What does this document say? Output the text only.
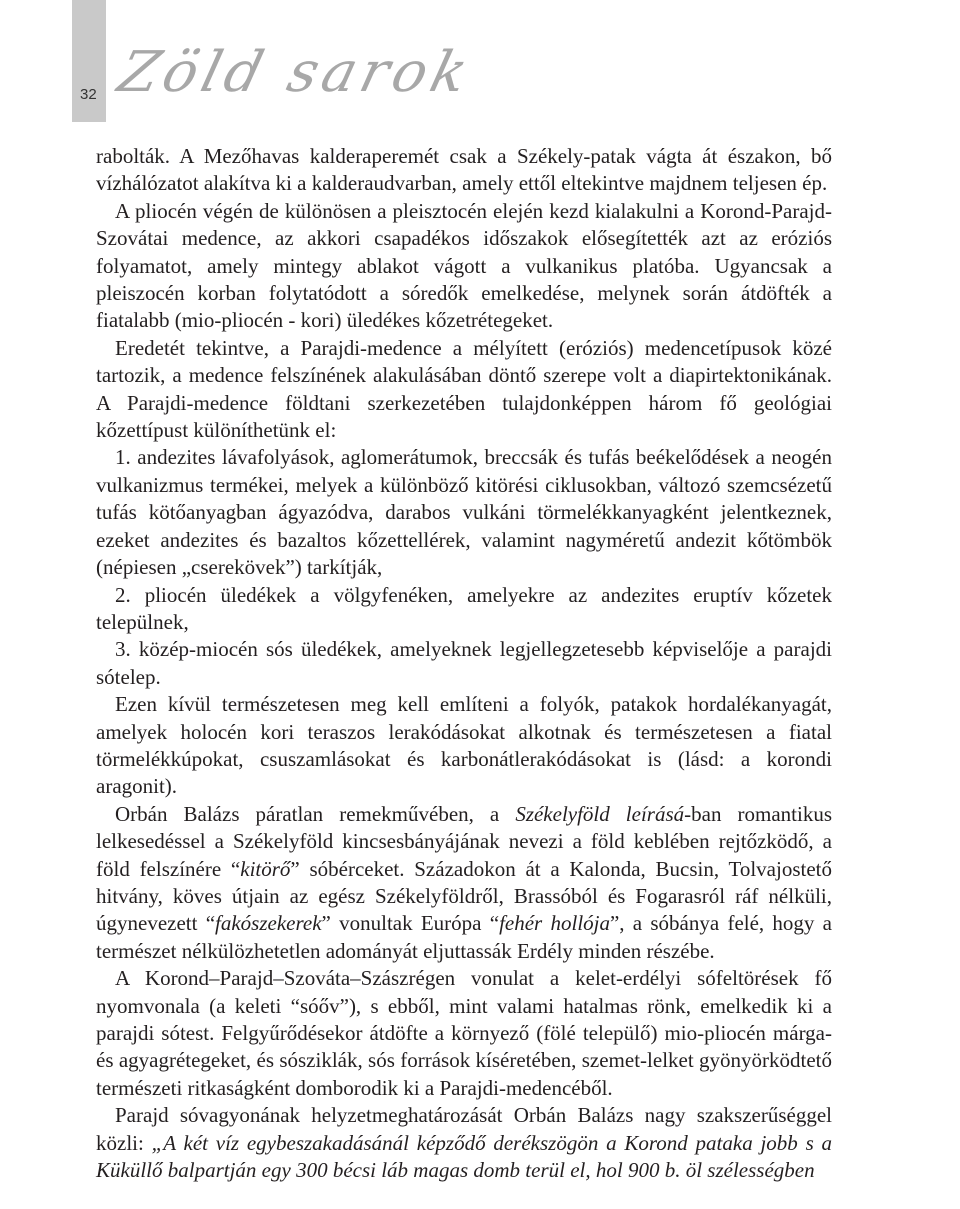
32 Zöld sarok

rabolták. A Mezőhavas kalderaperemét csak a Székely-patak vágta át északon, bő vízhálózatot alakítva ki a kalderaudvarban, amely ettől eltekintve majdnem teljesen ép.

A pliocén végén de különösen a pleisztocén elején kezd kialakulni a Korond-Parajd-Szovátai medence, az akkori csapadékos időszakok elősegítették azt az eróziós folyamatot, amely mintegy ablakot vágott a vulkanikus platóba. Ugyancsak a pleiszocén korban folytatódott a sóredők emelkedése, melynek során átdöfték a fiatalabb (mio-pliocén - kori) üledékes kőzetrétegeket.

Eredetét tekintve, a Parajdi-medence a mélyített (eróziós) medencetípusok közé tartozik, a medence felszínének alakulásában döntő szerepe volt a diapirtektonikának. A Parajdi-medence földtani szerkezetében tulajdonképpen három fő geológiai kőzettípust különíthetünk el:

1. andezites lávafolyások, aglomerátumok, breccsák és tufás beékelődések a neogén vulkanizmus termékei, melyek a különböző kitörési ciklusokban, változó szemcsézetű tufás kötőanyagban ágyazódva, darabos vulkáni törmelékkanyagként jelentkeznek, ezeket andezites és bazaltos kőzettellérek, valamint nagyméretű andezit kőtömbök (népiesen „cserekövek”) tarkítják,

2. pliocén üledékek a völgyfenéken, amelyekre az andezites eruptív kőzetek települnek,

3. közép-miocén sós üledékek, amelyeknek legjellegzetesebb képviselője a parajdi sótelep.

Ezen kívül természetesen meg kell említeni a folyók, patakok hordalékanyagát, amelyek holocén kori teraszos lerakódásokat alkotnak és természetesen a fiatal törmelékkúpokat, csuszamlásokat és karbonátlerakódásokat is (lásd: a korondi aragonit).

Orbán Balázs páratlan remekművében, a Székelyföld leírásá-ban romantikus lelkesedéssel a Székelyföld kincsesbányájának nevezi a föld keblében rejtőzködő, a föld felszínére “kitörő” sóbérceket. Századokon át a Kalonda, Bucsin, Tolvajostető hitvány, köves útjain az egész Székelyföldről, Brassóból és Fogarasról ráf nélküli, úgynevezett “fakószekerek” vonultak Európa “fehér hollója”, a sóbánya felé, hogy a természet nélkülözhetetlen adományát eljuttassák Erdély minden részébe.

A Korond–Parajd–Szováta–Szászrégen vonulat a kelet-erdélyi sófeltörések fő nyomvonala (a keleti “sóőv”), s ebből, mint valami hatalmas rönk, emelkedik ki a parajdi sótest. Felgyűrődésekor átdöfte a környező (fölé települő) mio-pliocén márga- és agyagrétegeket, és sósziklák, sós források kíséretében, szemet-lelket gyönyörködtető természeti ritkaságként domborodik ki a Parajdi-medencéből.

Parajd sóvagyonának helyzetmeghatározását Orbán Balázs nagy szakszerűséggel közli: „A két víz egybeszakadásánál képződő derékszögön a Korond pataka jobb s a Küküllő balpartján egy 300 bécsi láb magas domb terül el, hol 900 b. öl szélességben
